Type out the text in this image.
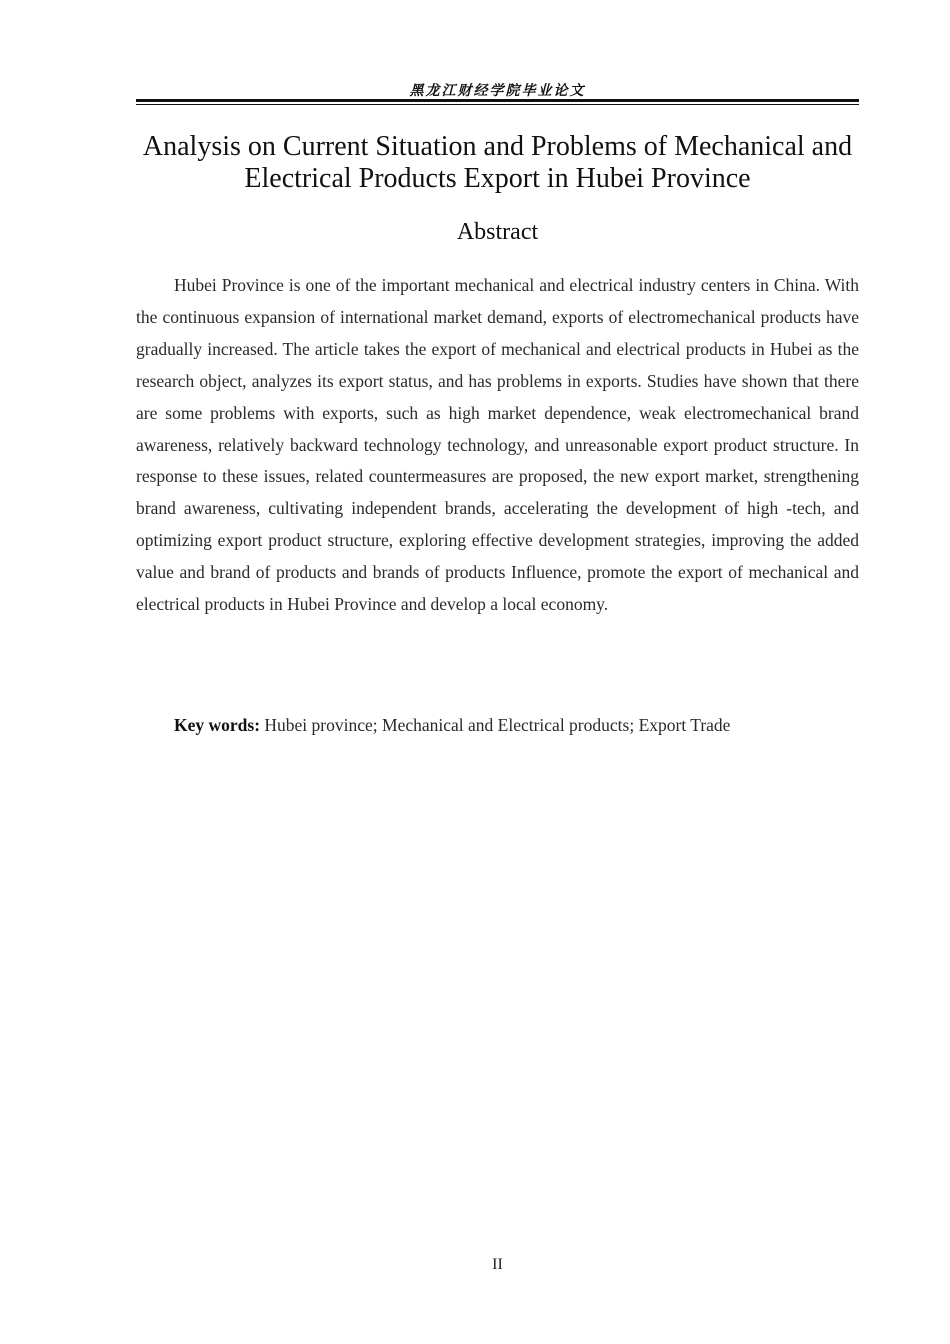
黑龙江财经学院毕业论文
Analysis on Current Situation and Problems of Mechanical and Electrical Products Export in Hubei Province
Abstract

Hubei Province is one of the important mechanical and electrical industry centers in China. With the continuous expansion of international market demand, exports of electromechanical products have gradually increased. The article takes the export of mechanical and electrical products in Hubei as the research object, analyzes its export status, and has problems in exports. Studies have shown that there are some problems with exports, such as high market dependence, weak electromechanical brand awareness, relatively backward technology technology, and unreasonable export product structure. In response to these issues, related countermeasures are proposed, the new export market, strengthening brand awareness, cultivating independent brands, accelerating the development of high -tech, and optimizing export product structure, exploring effective development strategies, improving the added value and brand of products and brands of products Influence, promote the export of mechanical and electrical products in Hubei Province and develop a local economy.

Key words: Hubei province; Mechanical and Electrical products; Export Trade

II
